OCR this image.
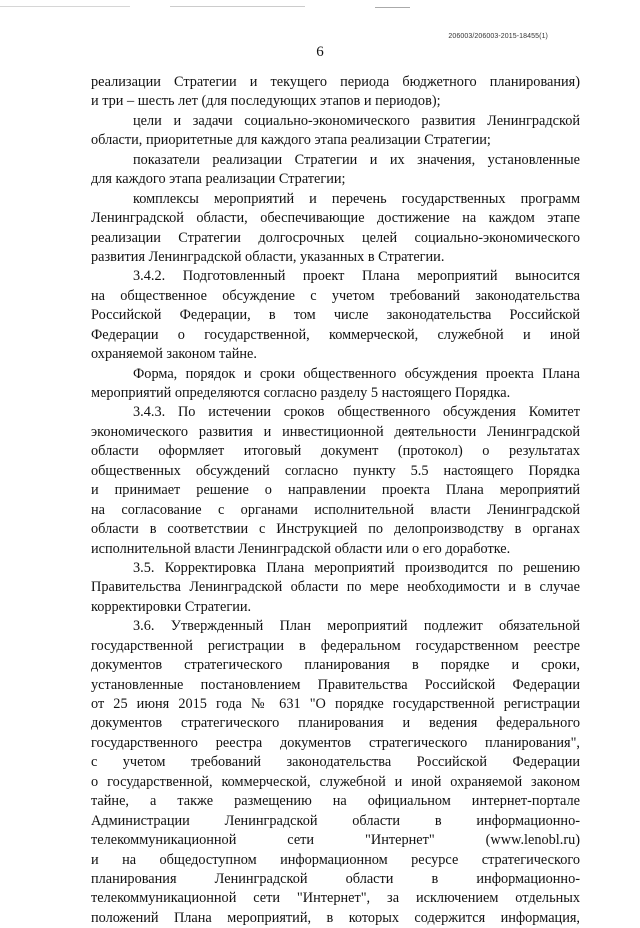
206003/206003-2015-18455(1)
6
реализации Стратегии и текущего периода бюджетного планирования)
и три – шесть лет (для последующих этапов и периодов);
цели и задачи социально-экономического развития Ленинградской
области, приоритетные для каждого этапа реализации Стратегии;
показатели реализации Стратегии и их значения, установленные
для каждого этапа реализации Стратегии;
комплексы мероприятий и перечень государственных программ
Ленинградской области, обеспечивающие достижение на каждом этапе
реализации Стратегии долгосрочных целей социально-экономического
развития Ленинградской области, указанных в Стратегии.
3.4.2. Подготовленный проект Плана мероприятий выносится
на общественное обсуждение с учетом требований законодательства
Российской Федерации, в том числе законодательства Российской
Федерации о государственной, коммерческой, служебной и иной
охраняемой законом тайне.
Форма, порядок и сроки общественного обсуждения проекта Плана
мероприятий определяются согласно разделу 5 настоящего Порядка.
3.4.3. По истечении сроков общественного обсуждения Комитет
экономического развития и инвестиционной деятельности Ленинградской
области оформляет итоговый документ (протокол) о результатах
общественных обсуждений согласно пункту 5.5 настоящего Порядка
и принимает решение о направлении проекта Плана мероприятий
на согласование с органами исполнительной власти Ленинградской
области в соответствии с Инструкцией по делопроизводству в органах
исполнительной власти Ленинградской области или о его доработке.
3.5. Корректировка Плана мероприятий производится по решению
Правительства Ленинградской области по мере необходимости и в случае
корректировки Стратегии.
3.6. Утвержденный План мероприятий подлежит обязательной
государственной регистрации в федеральном государственном реестре
документов стратегического планирования в порядке и сроки,
установленные постановлением Правительства Российской Федерации
от 25 июня 2015 года № 631 "О порядке государственной регистрации
документов стратегического планирования и ведения федерального
государственного реестра документов стратегического планирования",
с учетом требований законодательства Российской Федерации
о государственной, коммерческой, служебной и иной охраняемой законом
тайне, а также размещению на официальном интернет-портале
Администрации Ленинградской области в информационно-
телекоммуникационной сети "Интернет" (www.lenobl.ru)
и на общедоступном информационном ресурсе стратегического
планирования Ленинградской области в информационно-
телекоммуникационной сети "Интернет", за исключением отдельных
положений Плана мероприятий, в которых содержится информация,
